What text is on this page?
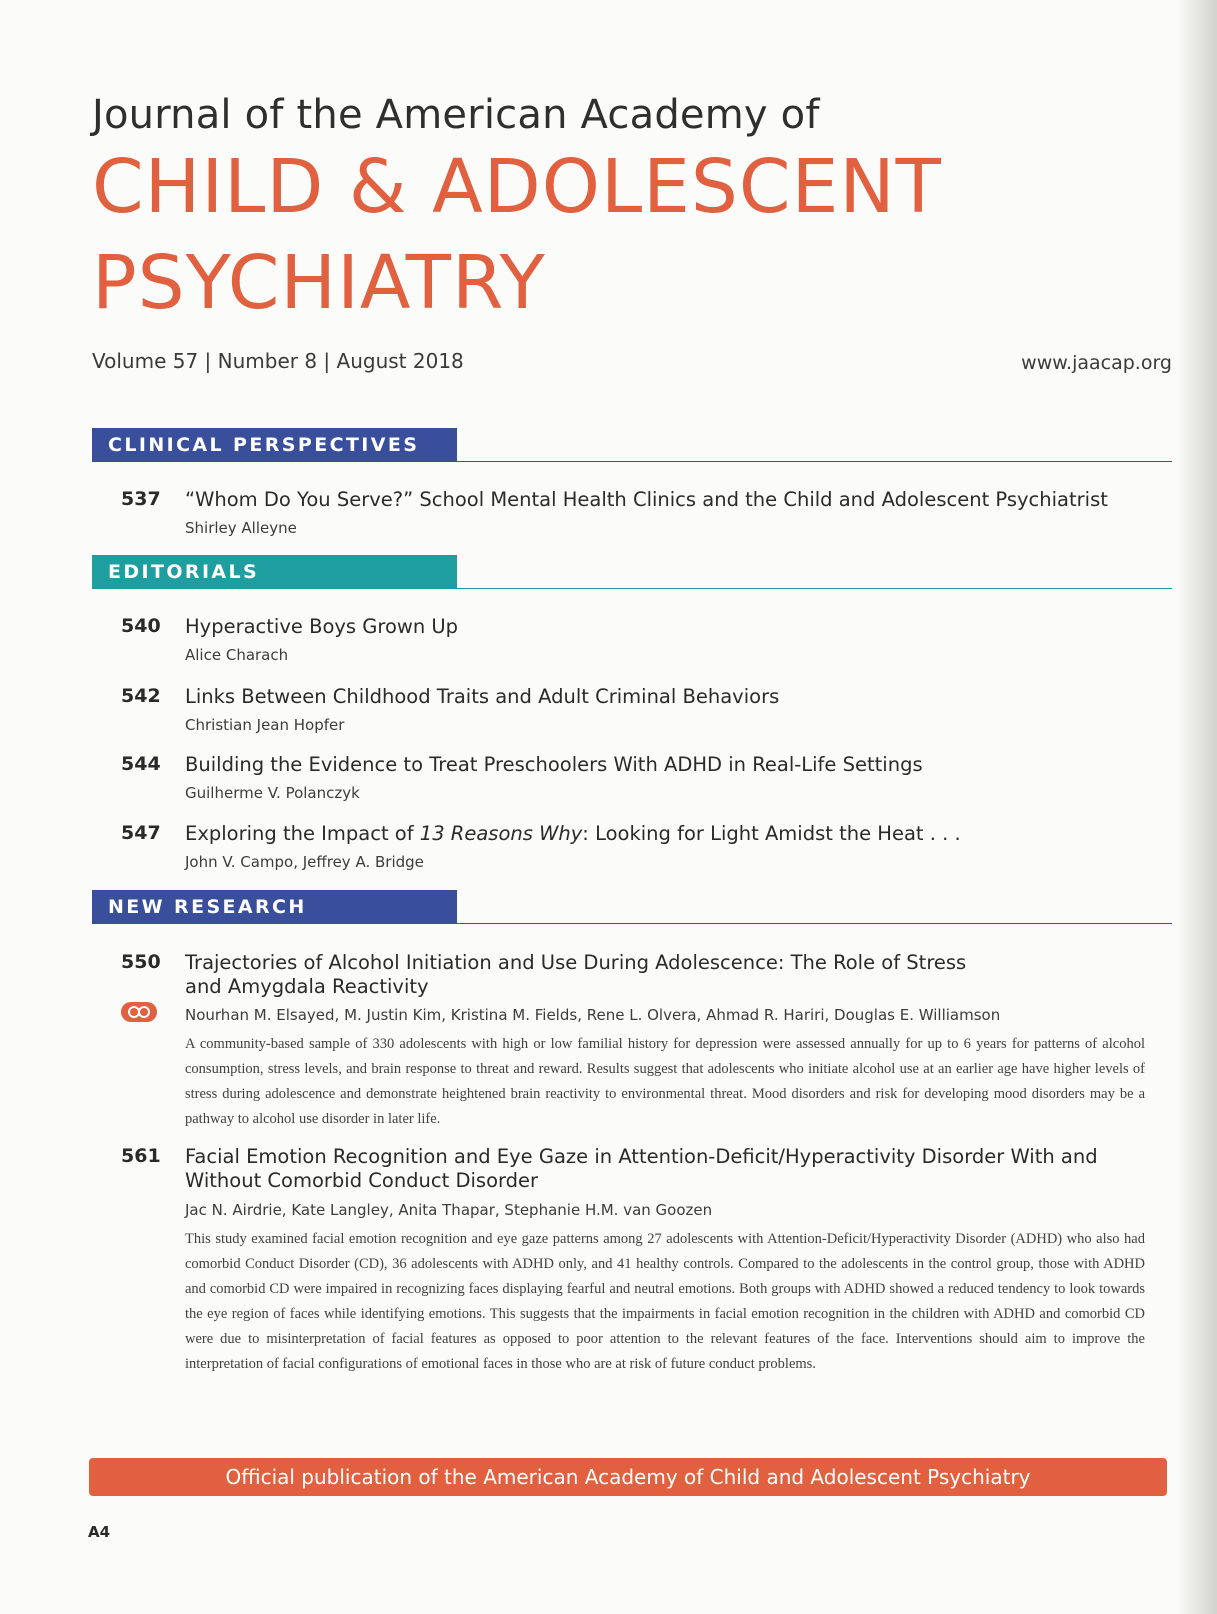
Journal of the American Academy of
CHILD & ADOLESCENT
PSYCHIATRY
Volume 57 | Number 8 | August 2018	www.jaacap.org
CLINICAL PERSPECTIVES
537 “Whom Do You Serve?” School Mental Health Clinics and the Child and Adolescent Psychiatrist
Shirley Alleyne
EDITORIALS
540 Hyperactive Boys Grown Up
Alice Charach
542 Links Between Childhood Traits and Adult Criminal Behaviors
Christian Jean Hopfer
544 Building the Evidence to Treat Preschoolers With ADHD in Real-Life Settings
Guilherme V. Polanczyk
547 Exploring the Impact of 13 Reasons Why: Looking for Light Amidst the Heat . . .
John V. Campo, Jeffrey A. Bridge
NEW RESEARCH
550 Trajectories of Alcohol Initiation and Use During Adolescence: The Role of Stress
and Amygdala Reactivity
Nourhan M. Elsayed, M. Justin Kim, Kristina M. Fields, Rene L. Olvera, Ahmad R. Hariri, Douglas E. Williamson

A community-based sample of 330 adolescents with high or low familial history for depression were assessed annually for up to 6 years for patterns of alcohol consumption, stress levels, and brain response to threat and reward. Results suggest that adolescents who initiate alcohol use at an earlier age have higher levels of stress during adolescence and demonstrate heightened brain reactivity to environmental threat. Mood disorders and risk for developing mood disorders may be a pathway to alcohol use disorder in later life.

561 Facial Emotion Recognition and Eye Gaze in Attention-Deficit/Hyperactivity Disorder With and
Without Comorbid Conduct Disorder
Jac N. Airdrie, Kate Langley, Anita Thapar, Stephanie H.M. van Goozen

This study examined facial emotion recognition and eye gaze patterns among 27 adolescents with Attention-Deficit/Hyperactivity Disorder (ADHD) who also had comorbid Conduct Disorder (CD), 36 adolescents with ADHD only, and 41 healthy controls. Compared to the adolescents in the control group, those with ADHD and comorbid CD were impaired in recognizing faces displaying fearful and neutral emotions. Both groups with ADHD showed a reduced tendency to look towards the eye region of faces while identifying emotions. This suggests that the impairments in facial emotion recognition in the children with ADHD and comorbid CD were due to misinterpretation of facial features as opposed to poor attention to the relevant features of the face. Interventions should aim to improve the interpretation of facial configurations of emotional faces in those who are at risk of future conduct problems.

Official publication of the American Academy of Child and Adolescent Psychiatry
A4
